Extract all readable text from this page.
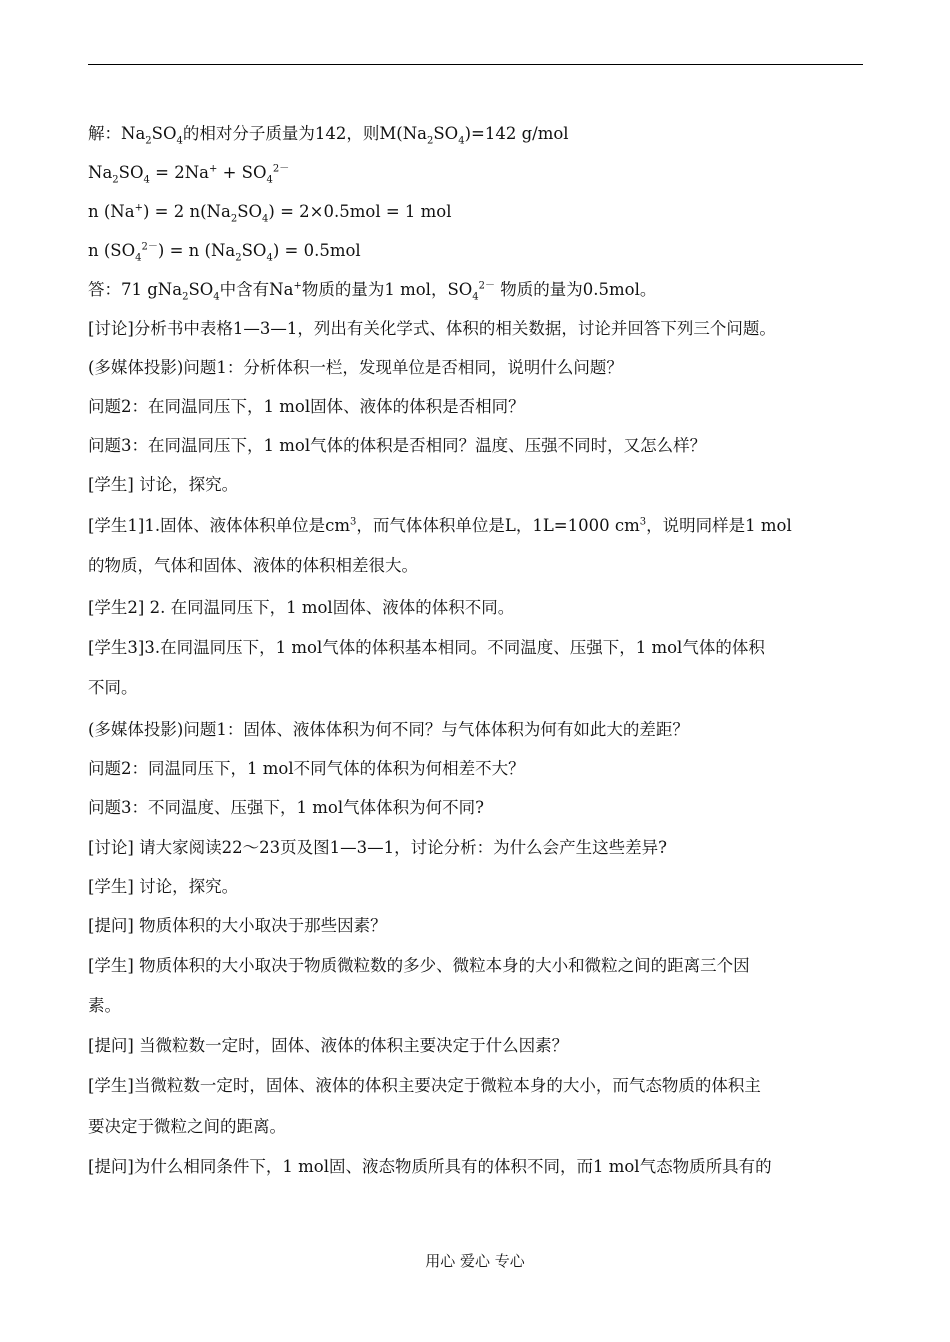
解：$Na_2SO_4$的相对分子质量为142，则$M(Na_2SO_4)=142$ g/mol
$Na_2SO_4 = 2Na^+ + SO_4^{2-}$
n (Na+) = 2 $n(Na_2SO_4) = 2\times 0.5mol = 1$ mol
n $(SO_4^{2-}) = n$ $(Na_2SO_4) = 0.5mol$
答：71 $gNa_2SO_4$中含有Na+物质的量为1 mol，$SO_4^{2-}$ 物质的量为0.5mol。
[讨论]分析书中表格1—3—1，列出有关化学式、体积的相关数据，讨论并回答下列三个问题。
(多媒体投影)问题1：分析体积一栏，发现单位是否相同，说明什么问题？
问题2：在同温同压下，1 mol固体、液体的体积是否相同？
问题3：在同温同压下，1 mol气体的体积是否相同？温度、压强不同时，又怎么样？
[学生] 讨论，探究。
[学生1]1.固体、液体体积单位是$cm^3$，而气体体积单位是L，1L=1000 $cm^3$，说明同样是1 mol
的物质，气体和固体、液体的体积相差很大。
[学生2] 2. 在同温同压下，1 mol固体、液体的体积不同。
[学生3]3.在同温同压下，1 mol气体的体积基本相同。不同温度、压强下，1 mol气体的体积
不同。
(多媒体投影)问题1：固体、液体体积为何不同？与气体体积为何有如此大的差距？
问题2：同温同压下，1 mol不同气体的体积为何相差不大？
问题3：不同温度、压强下，1 mol气体体积为何不同?
[讨论] 请大家阅读22～23页及图1—3—1，讨论分析：为什么会产生这些差异?
[学生] 讨论，探究。
[提问] 物质体积的大小取决于那些因素？
[学生] 物质体积的大小取决于物质微粒数的多少、微粒本身的大小和微粒之间的距离三个因
素。
[提问] 当微粒数一定时，固体、液体的体积主要决定于什么因素？
[学生]当微粒数一定时，固体、液体的体积主要决定于微粒本身的大小，而气态物质的体积主
要决定于微粒之间的距离。
[提问]为什么相同条件下，1 mol固、液态物质所具有的体积不同，而1 mol气态物质所具有的
用心 爱心 专心
